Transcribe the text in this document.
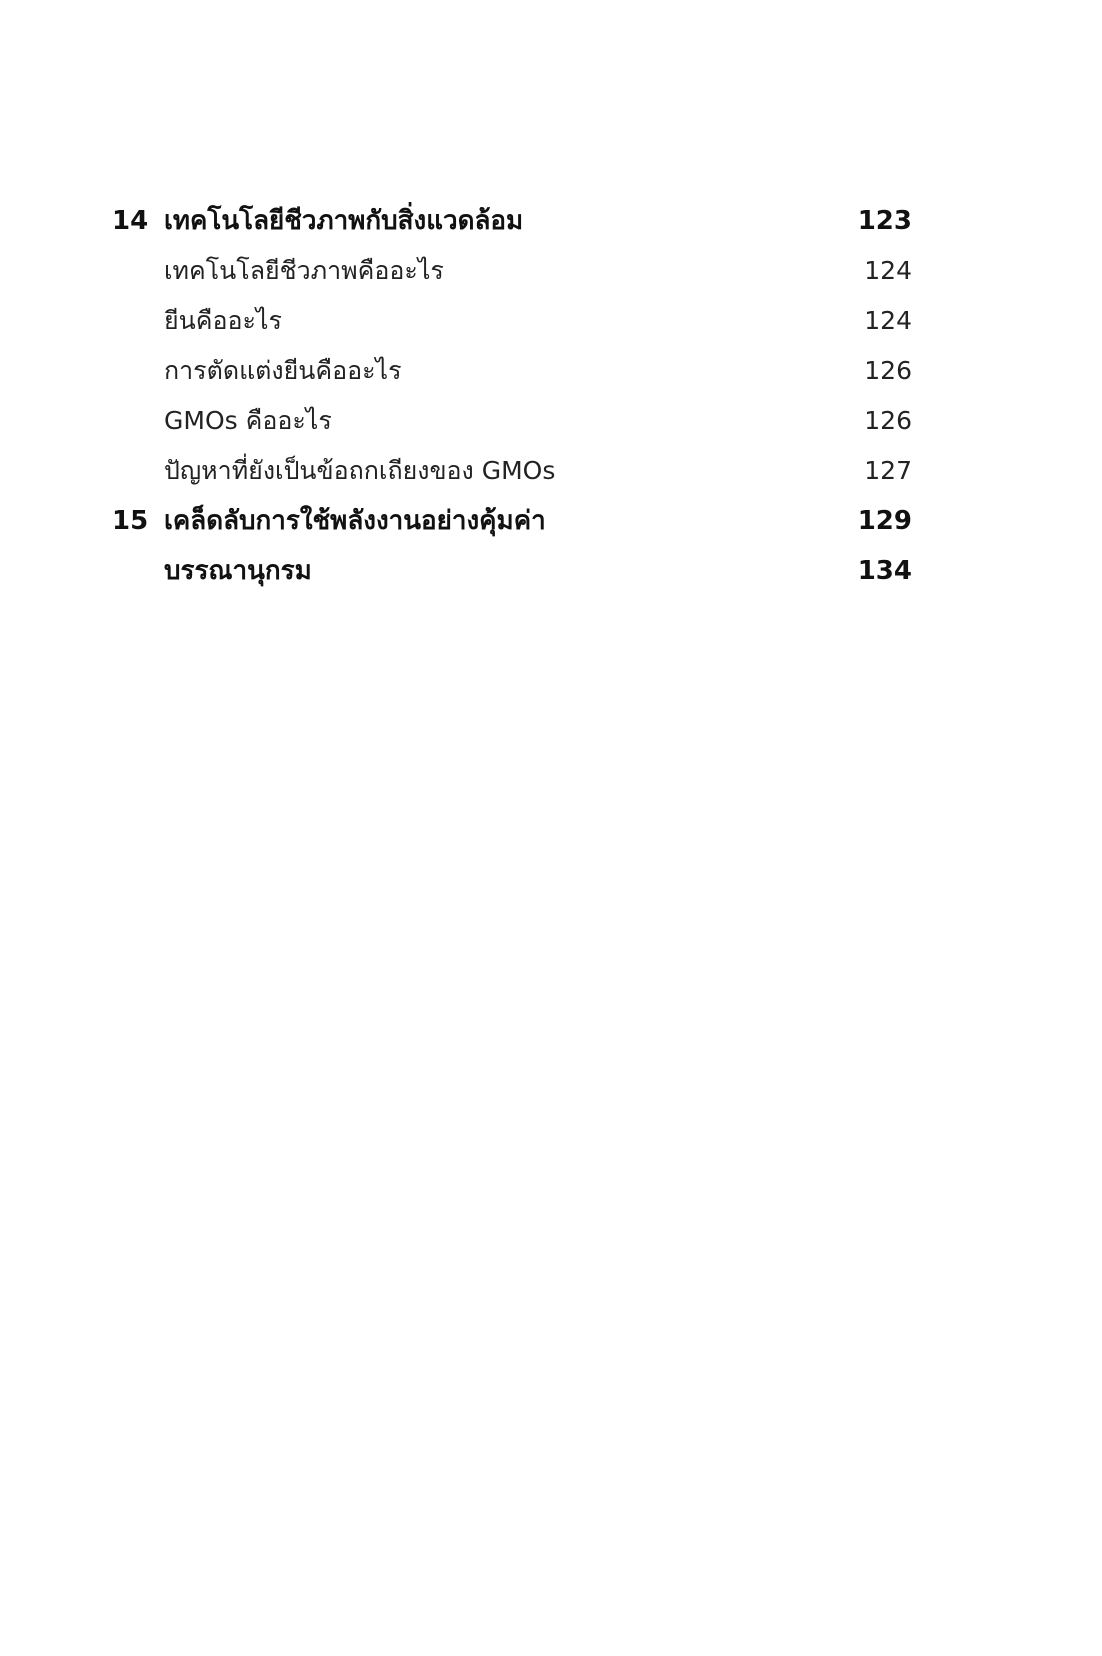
14 เทคโนโลยีชีวภาพกับสิ่งแวดล้อม	123
เทคโนโลยีชีวภาพคืออะไร	124
ยีนคืออะไร	124
การตัดแต่งยีนคืออะไร	126
GMOs คืออะไร	126
ปัญหาที่ยังเป็นข้อถกเถียงของ GMOs	127
15 เคล็ดลับการใช้พลังงานอย่างคุ้มค่า	129
บรรณานุกรม	134
